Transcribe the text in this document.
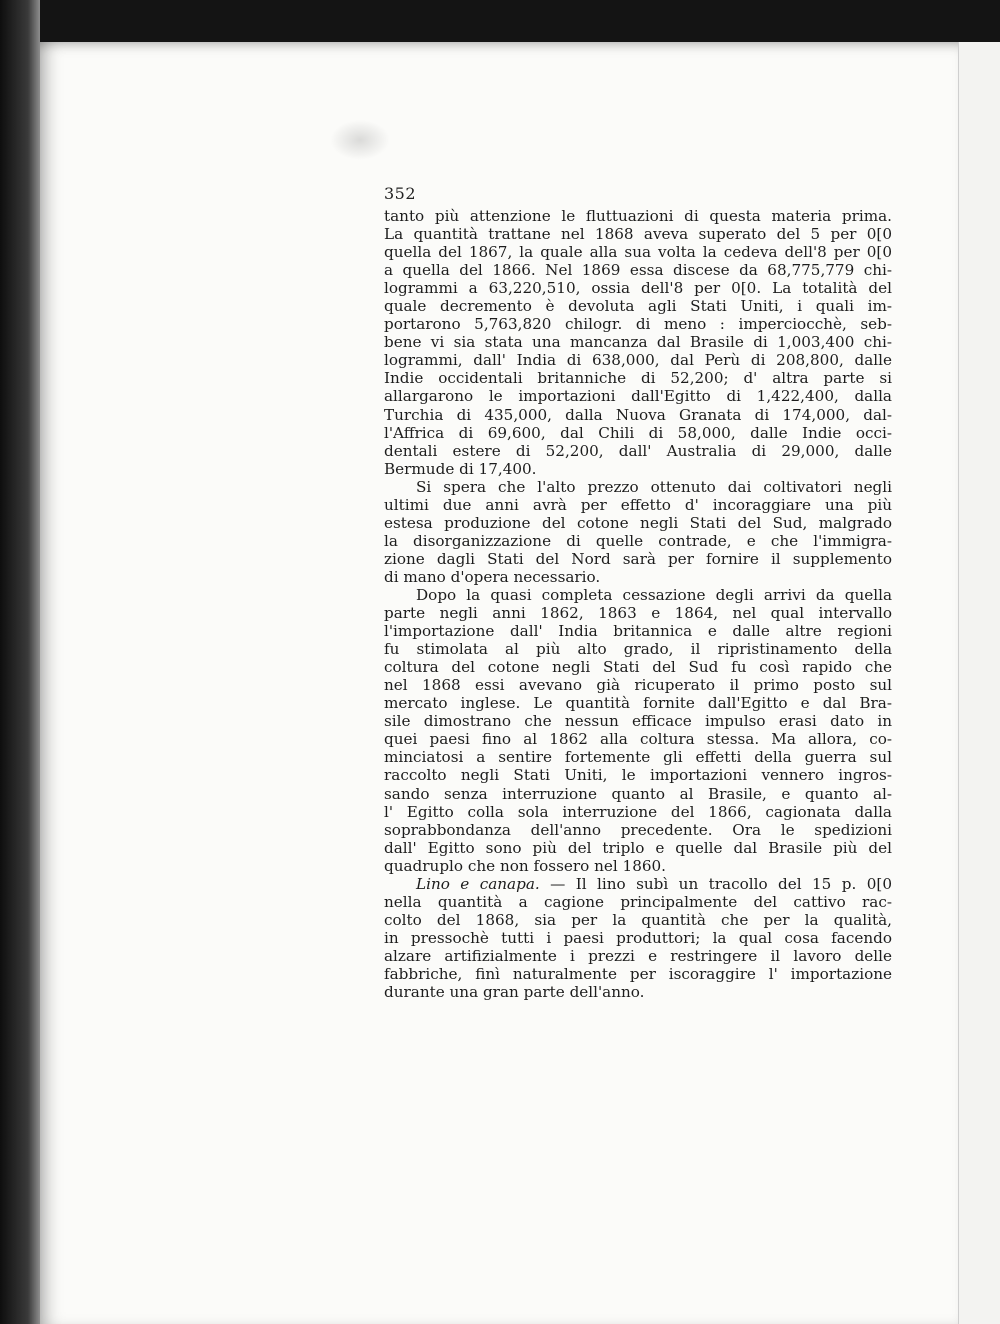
352
tanto più attenzione le fluttuazioni di questa materia prima.
La quantità trattane nel 1868 aveva superato del 5 per 0[0
quella del 1867, la quale alla sua volta la cedeva dell'8 per 0[0
a quella del 1866. Nel 1869 essa discese da 68,775,779 chi-
logrammi a 63,220,510, ossia dell'8 per 0[0. La totalità del
quale decremento è devoluta agli Stati Uniti, i quali im-
portarono 5,763,820 chilogr. di meno : imperciocchè, seb-
bene vi sia stata una mancanza dal Brasile di 1,003,400 chi-
logrammi, dall' India di 638,000, dal Perù di 208,800, dalle
Indie occidentali britanniche di 52,200; d' altra parte si
allargarono le importazioni dall'Egitto di 1,422,400, dalla
Turchia di 435,000, dalla Nuova Granata di 174,000, dal-
l'Affrica di 69,600, dal Chili di 58,000, dalle Indie occi-
dentali estere di 52,200, dall' Australia di 29,000, dalle
Bermude di 17,400.
Si spera che l'alto prezzo ottenuto dai coltivatori negli
ultimi due anni avrà per effetto d' incoraggiare una più
estesa produzione del cotone negli Stati del Sud, malgrado
la disorganizzazione di quelle contrade, e che l'immigra-
zione dagli Stati del Nord sarà per fornire il supplemento
di mano d'opera necessario.
Dopo la quasi completa cessazione degli arrivi da quella
parte negli anni 1862, 1863 e 1864, nel qual intervallo
l'importazione dall' India britannica e dalle altre regioni
fu stimolata al più alto grado, il ripristinamento della
coltura del cotone negli Stati del Sud fu così rapido che
nel 1868 essi avevano già ricuperato il primo posto sul
mercato inglese. Le quantità fornite dall'Egitto e dal Bra-
sile dimostrano che nessun efficace impulso erasi dato in
quei paesi fino al 1862 alla coltura stessa. Ma allora, co-
minciatosi a sentire fortemente gli effetti della guerra sul
raccolto negli Stati Uniti, le importazioni vennero ingros-
sando senza interruzione quanto al Brasile, e quanto al-
l' Egitto colla sola interruzione del 1866, cagionata dalla
soprabbondanza dell'anno precedente. Ora le spedizioni
dall' Egitto sono più del triplo e quelle dal Brasile più del
quadruplo che non fossero nel 1860.
Lino e canapa. — Il lino subì un tracollo del 15 p. 0[0
nella quantità a cagione principalmente del cattivo rac-
colto del 1868, sia per la quantità che per la qualità,
in pressochè tutti i paesi produttori; la qual cosa facendo
alzare artifizialmente i prezzi e restringere il lavoro delle
fabbriche, finì naturalmente per iscoraggire l' importazione
durante una gran parte dell'anno.
